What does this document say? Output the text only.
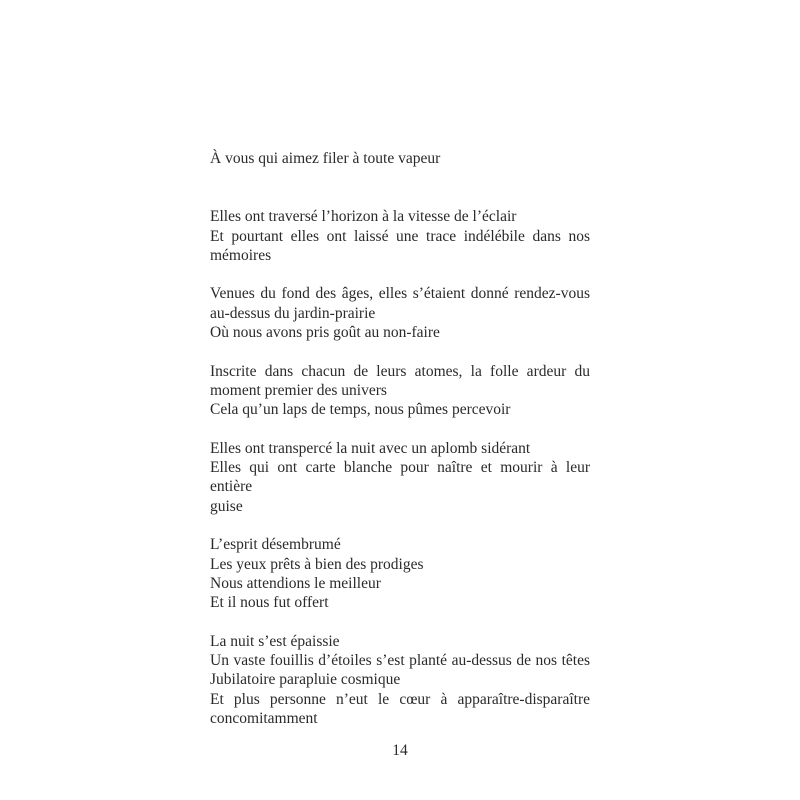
À vous qui aimez filer à toute vapeur

Elles ont traversé l’horizon à la vitesse de l’éclair
Et pourtant elles ont laissé une trace indélébile dans nos
mémoires
Venues du fond des âges, elles s’étaient donné rendez-vous
au-dessus du jardin-prairie
Où nous avons pris goût au non-faire
Inscrite dans chacun de leurs atomes, la folle ardeur du
moment premier des univers
Cela qu’un laps de temps, nous pûmes percevoir
Elles ont transpercé la nuit avec un aplomb sidérant
Elles qui ont carte blanche pour naître et mourir à leur entière
guise
L’esprit désembrumé
Les yeux prêts à bien des prodiges
Nous attendions le meilleur
Et il nous fut offert
La nuit s’est épaissie
Un vaste fouillis d’étoiles s’est planté au-dessus de nos têtes
Jubilatoire parapluie cosmique
Et plus personne n’eut le cœur à apparaître-disparaître
concomitamment
14
